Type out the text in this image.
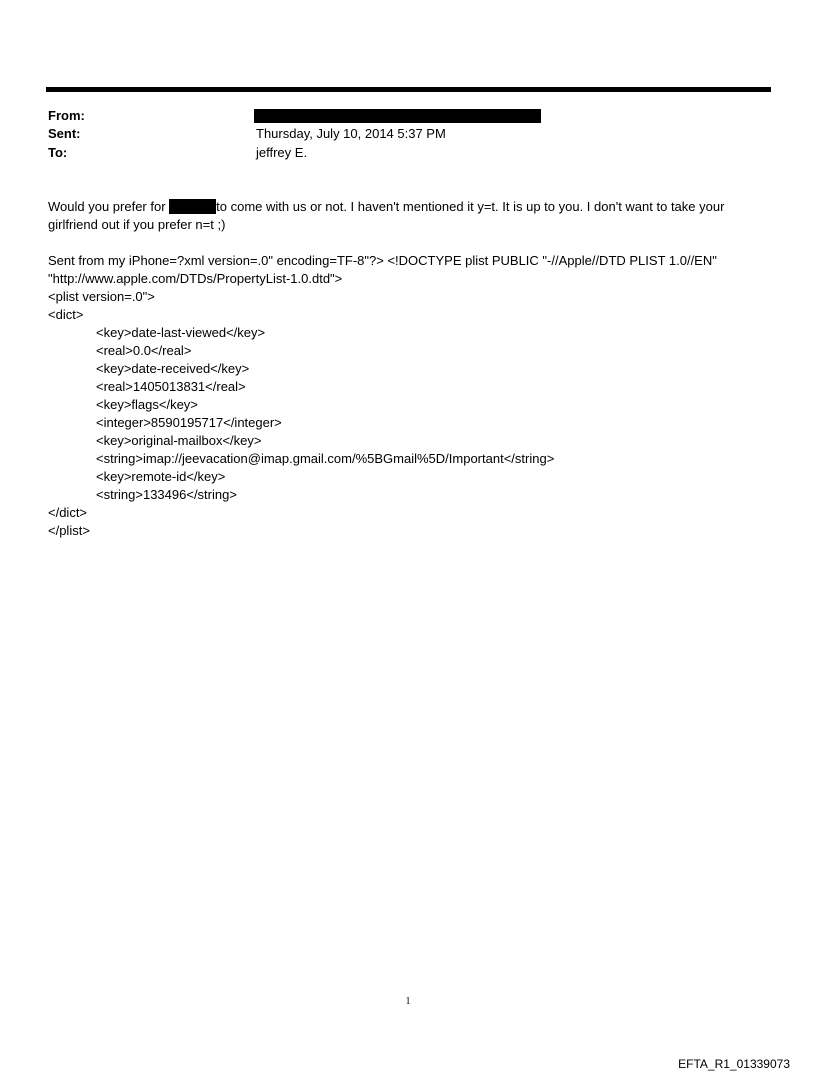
From:
Sent:	Thursday, July 10, 2014 5:37 PM
To:	jeffrey E.
Would you prefer for	to come with us or not. I haven't mentioned it y=t. It is up to you. I don't want to take your
girlfriend out if you prefer n=t ;)
Sent from my iPhone=?xml version=.0" encoding=TF-8"?> <!DOCTYPE plist PUBLIC "-//Apple//DTD PLIST 1.0//EN"
"http://www.apple.com/DTDs/PropertyList-1.0.dtd">
<plist version=.0">
<dict>
<key>date-last-viewed</key>
<real>0.0</real>
<key>date-received</key>
<real>1405013831</real>
<key>flags</key>
<integer>8590195717</integer>
<key>original-mailbox</key>
<string>imap://jeevacation@imap.gmail.com/%5BGmail%5D/Important</string>
<key>remote-id</key>
<string>133496</string>
</dict>
</plist>
1
EFTA_R1_01339073
